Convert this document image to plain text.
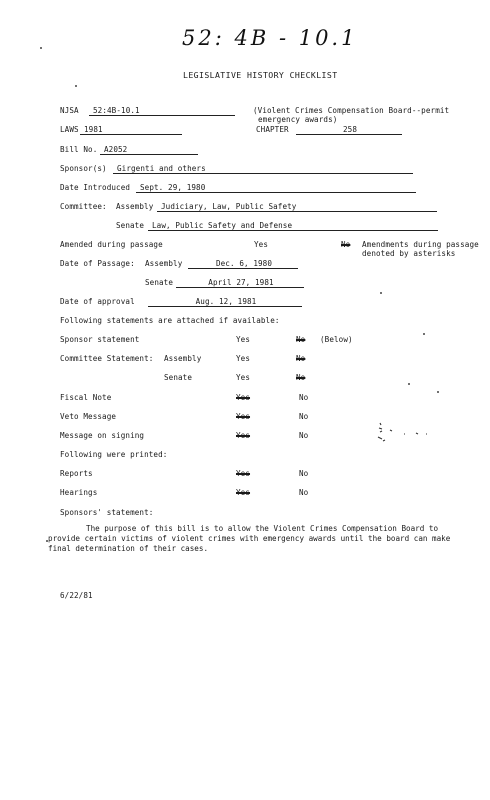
52: 4B - 10.1
LEGISLATIVE HISTORY CHECKLIST
NJSA	52:4B-10.1	(Violent Crimes Compensation Board--permit
emergency awards)
LAWS 1981	CHAPTER	258
Bill No. A2052
Sponsor(s)	Girgenti and others
Date Introduced	Sept. 29, 1980
Committee: Assembly	Judiciary, Law, Public Safety
Senate	Law, Public Safety and Defense
Amended during passage	Yes	No Amendments during passage
denoted by asterisks
Date of Passage: Assembly	Dec. 6, 1980
Senate	April 27, 1981
Date of approval	Aug. 12, 1981
Following statements are attached if available:
Sponsor statement	Yes	No (Below)
Committee Statement: Assembly	Yes	No
Senate	Yes	No
Fiscal Note	Yes	No
Veto Message	Yes	No
Message on signing	Yes	No
Following were printed:
Reports	Yes	No
Hearings	Yes	No
Sponsors' statement:
The purpose of this bill is to allow the Violent Crimes Compensation Board to provide certain victims of violent crimes with emergency awards until the board can make final determination of their cases.
6/22/81
